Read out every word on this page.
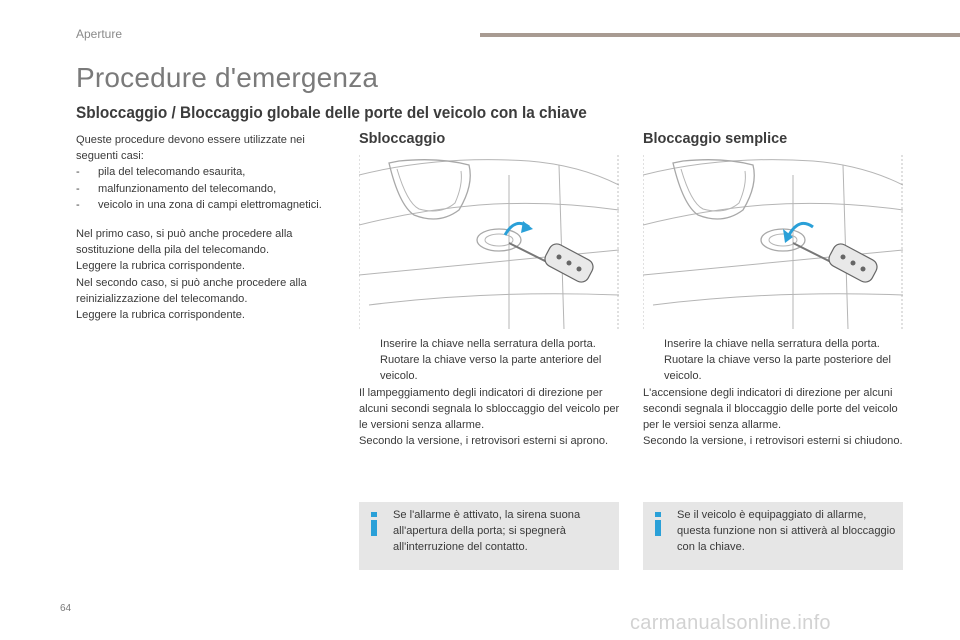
Aperture
Procedure d'emergenza
Sbloccaggio / Bloccaggio globale delle porte del veicolo con la chiave

Queste procedure devono essere utilizzate nei seguenti casi:

- pila del telecomando esaurita,
- malfunzionamento del telecomando,
- veicolo in una zona di campi elettromagnetici.

Nel primo caso, si può anche procedere alla sostituzione della pila del telecomando.

Leggere la rubrica corrispondente.

Nel secondo caso, si può anche procedere alla reinizializzazione del telecomando.

Leggere la rubrica corrispondente.

Sbloccaggio	Bloccaggio semplice
Inserire la chiave nella serratura della porta.
Ruotare la chiave verso la parte anteriore del veicolo.

Il lampeggiamento degli indicatori di direzione per alcuni secondi segnala lo sbloccaggio del veicolo per le versioni senza allarme.

Secondo la versione, i retrovisori esterni si aprono.

Inserire la chiave nella serratura della porta.
Ruotare la chiave verso la parte posteriore del veicolo.

L'accensione degli indicatori di direzione per alcuni secondi segnala il bloccaggio delle porte del veicolo per le versioi senza allarme.

Secondo la versione, i retrovisori esterni si chiudono.

Se l'allarme è attivato, la sirena suona all'apertura della porta; si spegnerà all'interruzione del contatto.
Se il veicolo è equipaggiato di allarme, questa funzione non si attiverà al bloccaggio con la chiave.
64
carmanualsonline.info
